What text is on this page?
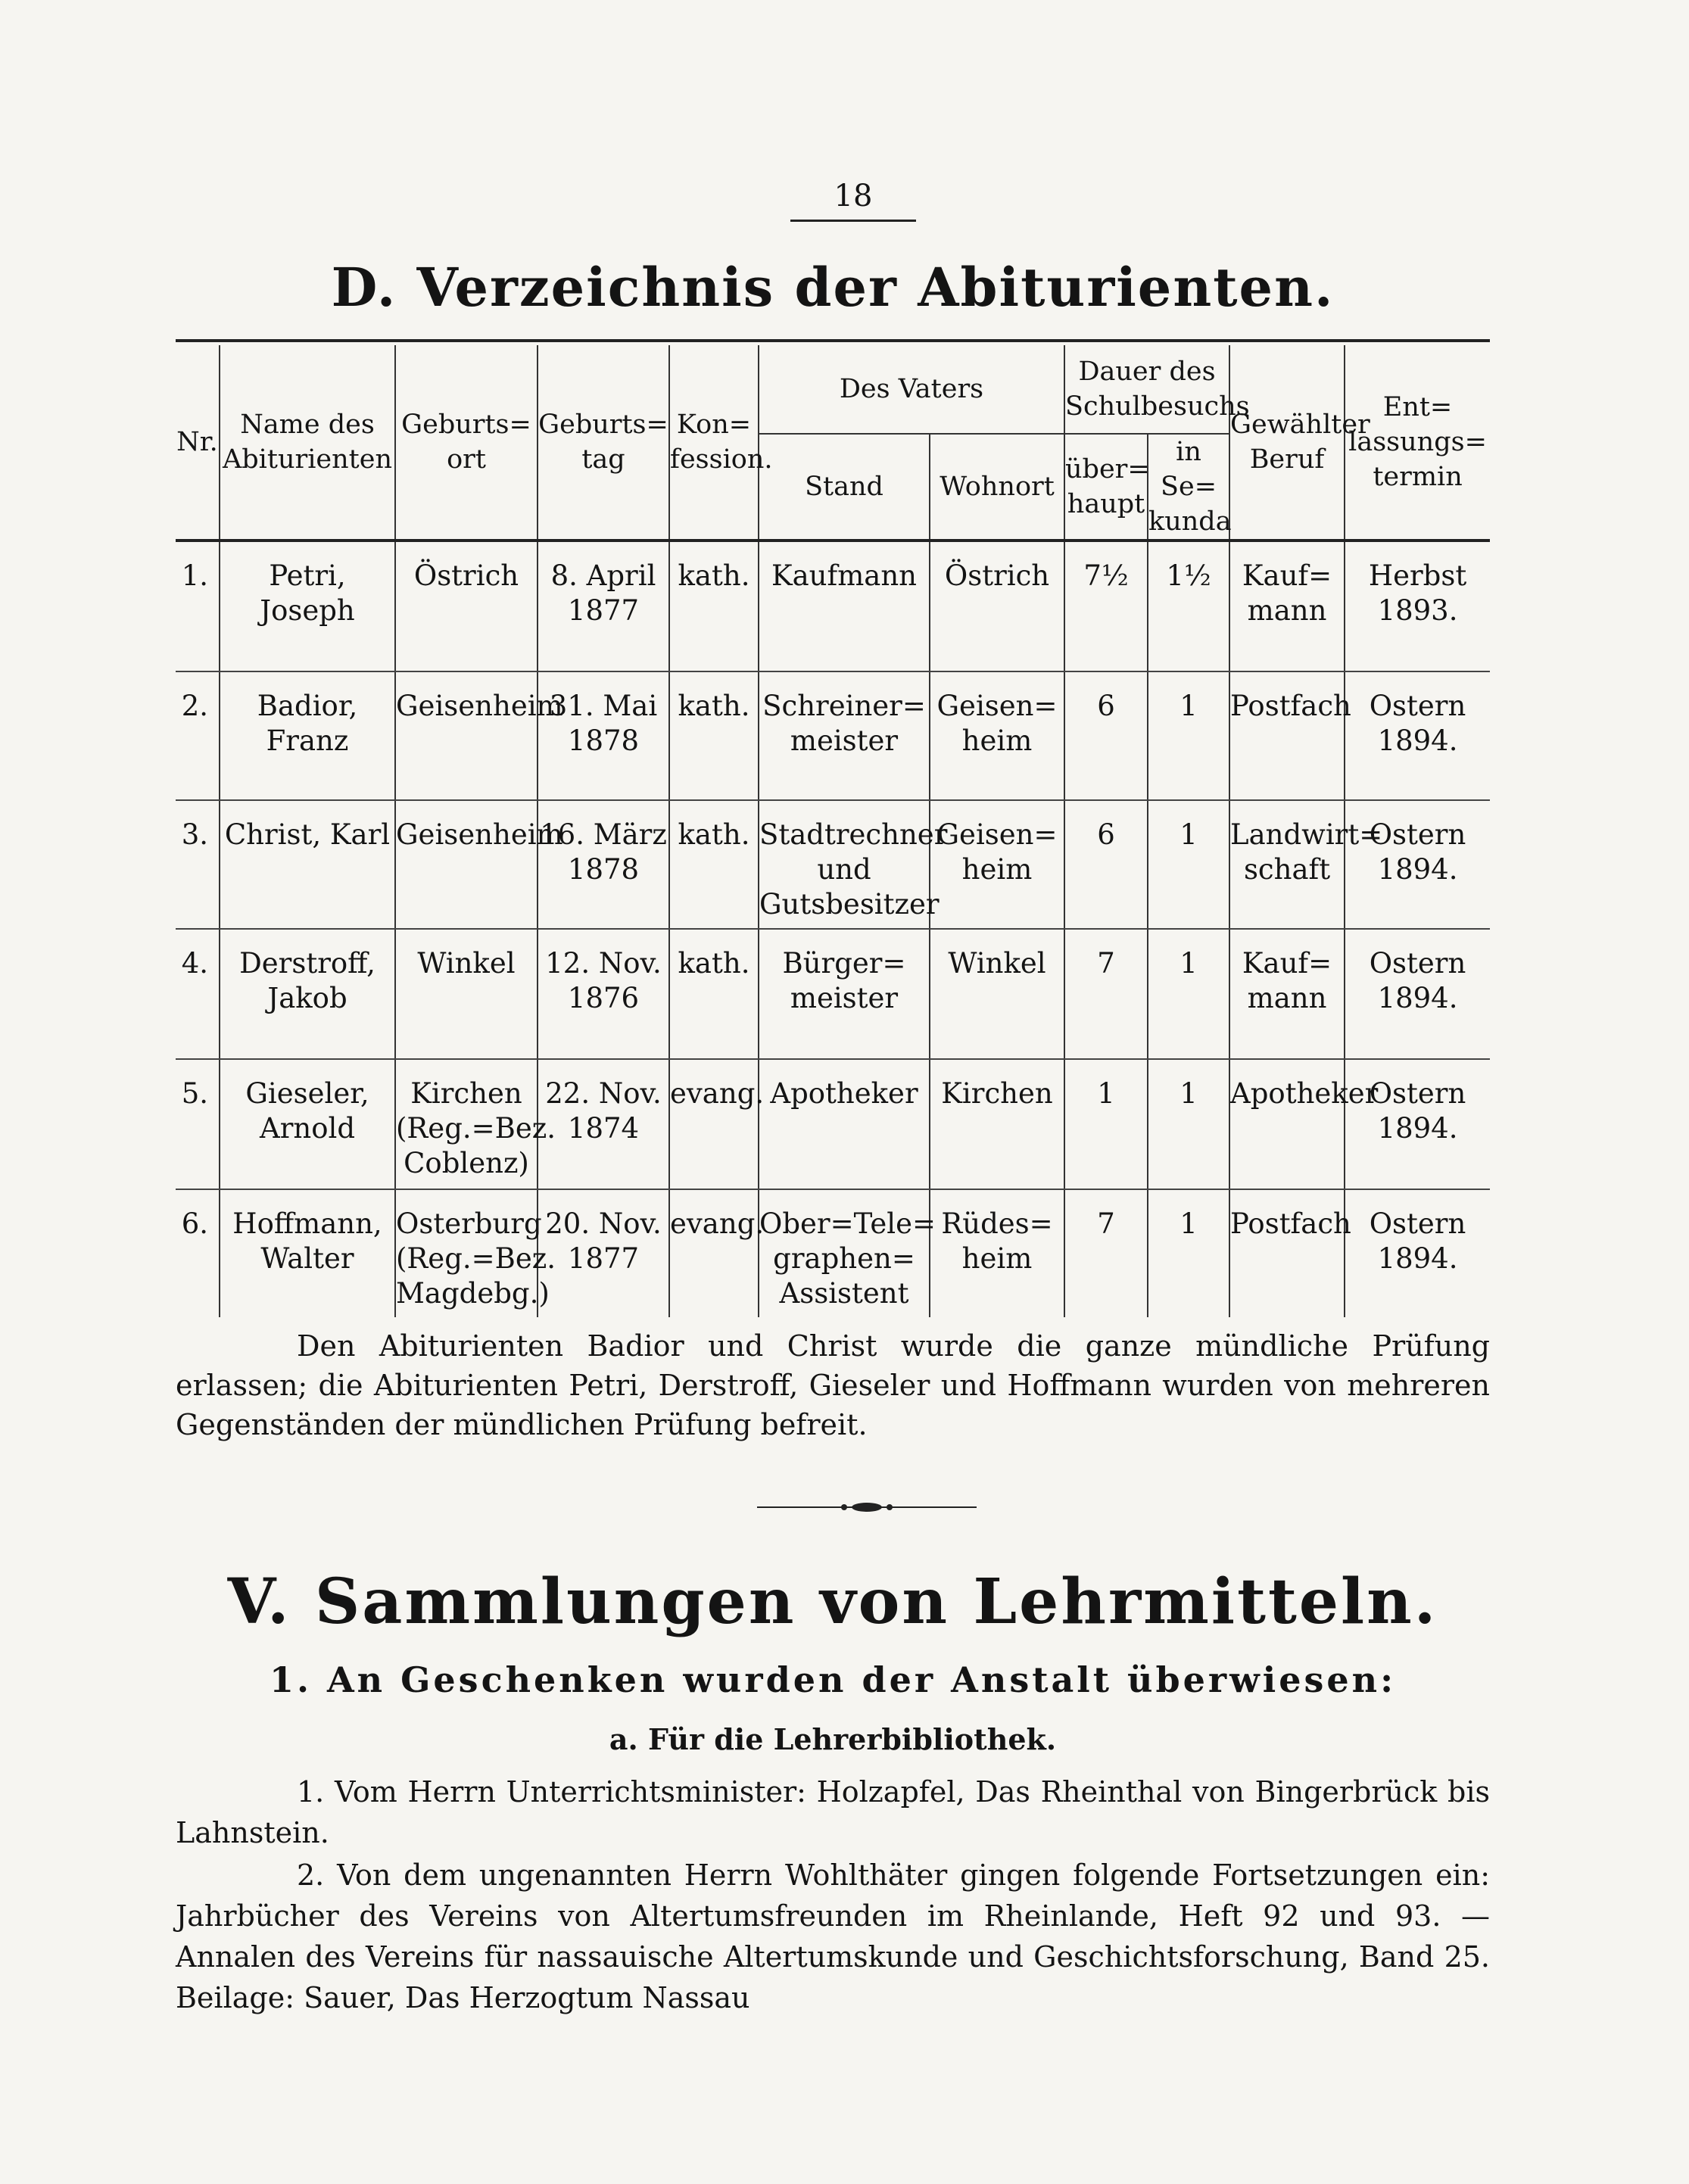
18
D. Verzeichnis der Abiturienten.
Nr.	Name des Abiturienten	Geburts= ort	Geburts= tag	Kon= fession.	Des Vaters		Dauer des Schulbesuchs		Gewählter Beruf	Ent= lassungs= termin
					Stand	Wohnort	über= haupt	in Se= kunda		
1.	Petri, Joseph	Östrich	8. April 1877	kath.	Kaufmann	Östrich	7½	1½	Kauf= mann	Herbst 1893.
2.	Badior, Franz	Geisenheim	31. Mai 1878	kath.	Schreiner= meister	Geisen= heim	6	1	Postfach	Ostern 1894.
3.	Christ, Karl	Geisenheim	16. März 1878	kath.	Stadtrechner und Gutsbesitzer	Geisen= heim	6	1	Landwirt= schaft	Ostern 1894.
4.	Derstroff, Jakob	Winkel	12. Nov. 1876	kath.	Bürger= meister	Winkel	7	1	Kauf= mann	Ostern 1894.
5.	Gieseler, Arnold	Kirchen (Reg.=Bez. Coblenz)	22. Nov. 1874	evang.	Apotheker	Kirchen	1	1	Apotheker	Ostern 1894.
6.	Hoffmann, Walter	Osterburg (Reg.=Bez. Magdebg.)	20. Nov. 1877	evang.	Ober=Tele= graphen= Assistent	Rüdes= heim	7	1	Postfach	Ostern 1894.

Den Abiturienten Badior und Christ wurde die ganze mündliche Prüfung erlassen; die Abiturienten Petri, Derstroff, Gieseler und Hoffmann wurden von mehreren Gegenständen der mündlichen Prüfung befreit.

V. Sammlungen von Lehrmitteln.
1. An Geschenken wurden der Anstalt überwiesen:
a. Für die Lehrerbibliothek.

1. Vom Herrn Unterrichtsminister: Holzapfel, Das Rheinthal von Bingerbrück bis Lahnstein.

2. Von dem ungenannten Herrn Wohlthäter gingen folgende Fortsetzungen ein: Jahrbücher des Vereins von Altertumsfreunden im Rheinlande, Heft 92 und 93. — Annalen des Vereins für nassauische Altertumskunde und Geschichtsforschung, Band 25. Beilage: Sauer, Das Herzogtum Nassau
